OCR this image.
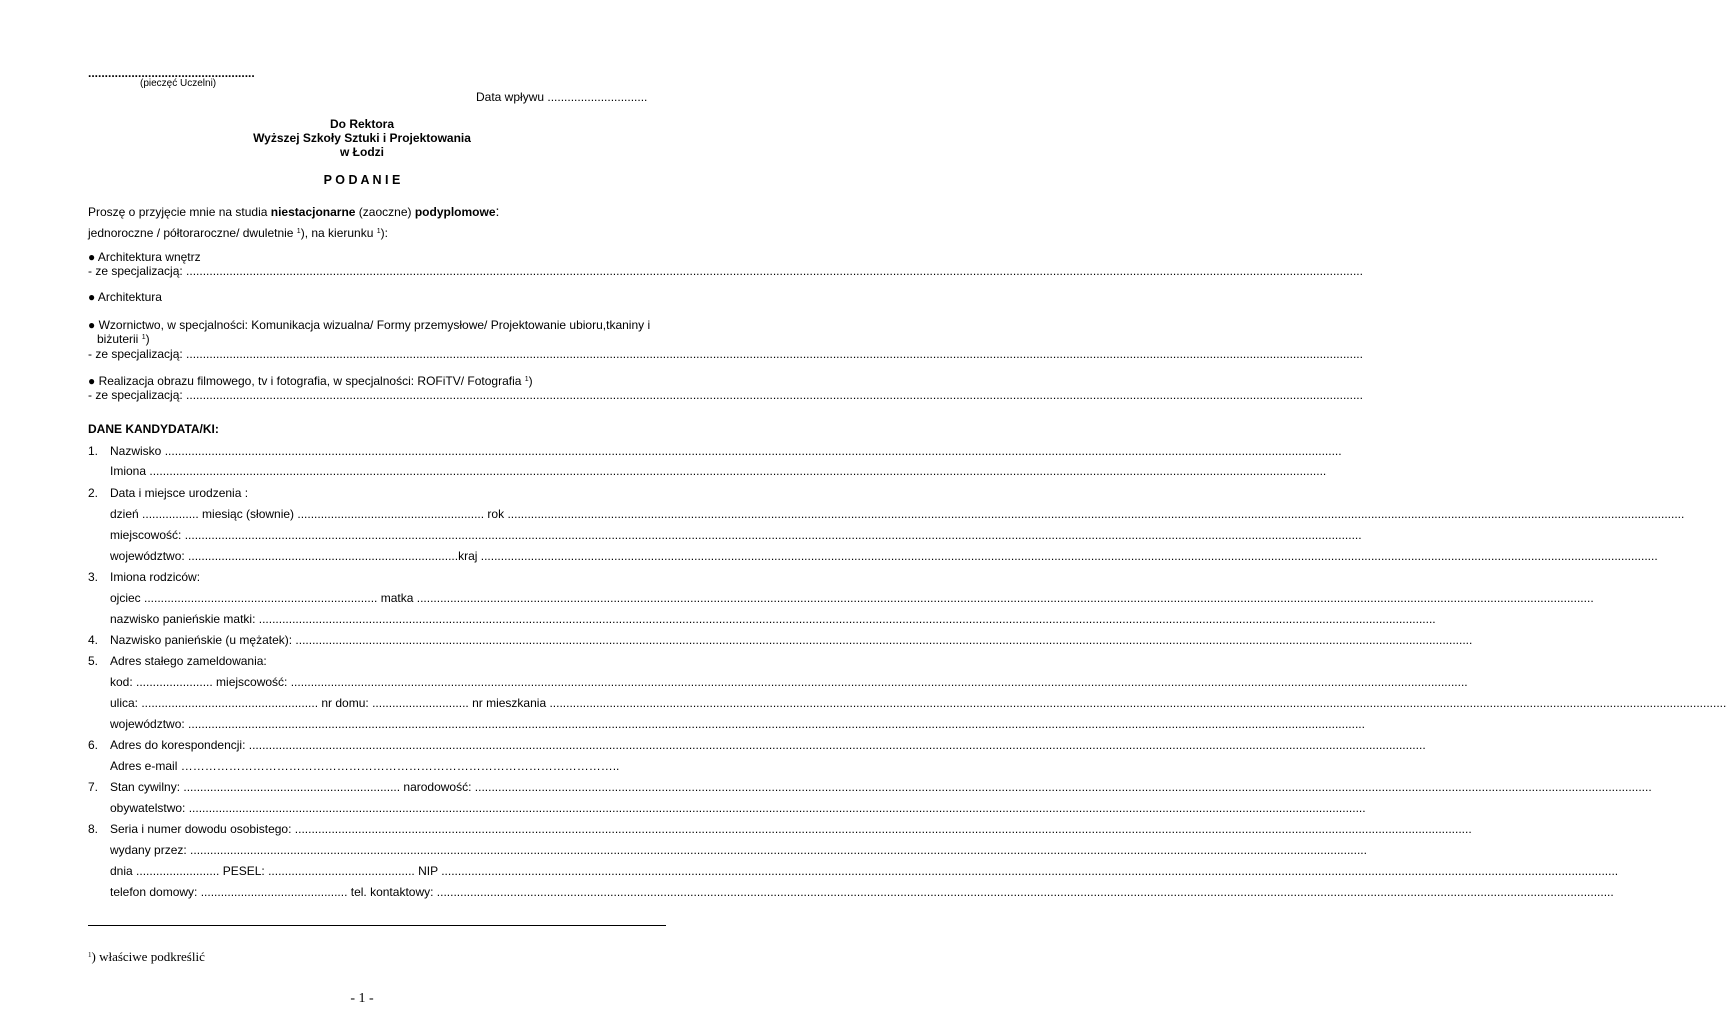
..................................................
(pieczęć Uczelni)
Data wpływu ..............................
Do Rektora
Wyższej Szkoły Sztuki i Projektowania
w Łodzi
P O D A N I E
Proszę o przyjęcie mnie na studia niestacjonarne (zaoczne) podyplomowe:
jednoroczne / półtoraroczne/ dwuletnie $^1$), na kierunku $^1$):
● Architektura wnętrz
- ze specjalizacją: .................................................................................................................................................................................................................................................................................................................................................................
● Architektura
● Wzornictwo, w specjalności: Komunikacja wizualna/ Formy przemysłowe/ Projektowanie ubioru,tkaniny i
biżuterii $^1$)
- ze specjalizacją: .................................................................................................................................................................................................................................................................................................................................................................
● Realizacja obrazu filmowego, tv i fotografia, w specjalności: ROFiTV/ Fotografia $^1$)
- ze specjalizacją: .................................................................................................................................................................................................................................................................................................................................................................
DANE KANDYDATA/KI:
1. Nazwisko .................................................................................................................................................................................................................................................................................................................................................................
Imiona .................................................................................................................................................................................................................................................................................................................................................................
2. Data i miejsce urodzenia :
dzień ................. miesiąc (słownie) ........................................................ rok .................................................................................................................................................................................................................................................................................................................................................................
miejscowość: .................................................................................................................................................................................................................................................................................................................................................................
województwo: .................................................................................kraj .................................................................................................................................................................................................................................................................................................................................................................
3. Imiona rodziców:
ojciec ...................................................................... matka .................................................................................................................................................................................................................................................................................................................................................................
nazwisko panieńskie matki: .................................................................................................................................................................................................................................................................................................................................................................
4. Nazwisko panieńskie (u mężatek): .................................................................................................................................................................................................................................................................................................................................................................
5. Adres stałego zameldowania:
kod: ....................... miejscowość: .................................................................................................................................................................................................................................................................................................................................................................
ulica: ..................................................... nr domu: ............................. nr mieszkania .................................................................................................................................................................................................................................................................................................................................................................
województwo: .................................................................................................................................................................................................................................................................................................................................................................
6. Adres do korespondencji: .................................................................................................................................................................................................................................................................................................................................................................
Adres e-mail ………………………………………………………………………………………………..
7. Stan cywilny: ................................................................. narodowość: .................................................................................................................................................................................................................................................................................................................................................................
obywatelstwo: .................................................................................................................................................................................................................................................................................................................................................................
8. Seria i numer dowodu osobistego: .................................................................................................................................................................................................................................................................................................................................................................
wydany przez: .................................................................................................................................................................................................................................................................................................................................................................
dnia ......................... PESEL: ............................................ NIP .................................................................................................................................................................................................................................................................................................................................................................
telefon domowy: ............................................ tel. kontaktowy: .................................................................................................................................................................................................................................................................................................................................................................
$^1$) właściwe podkreślić
- 1 -
